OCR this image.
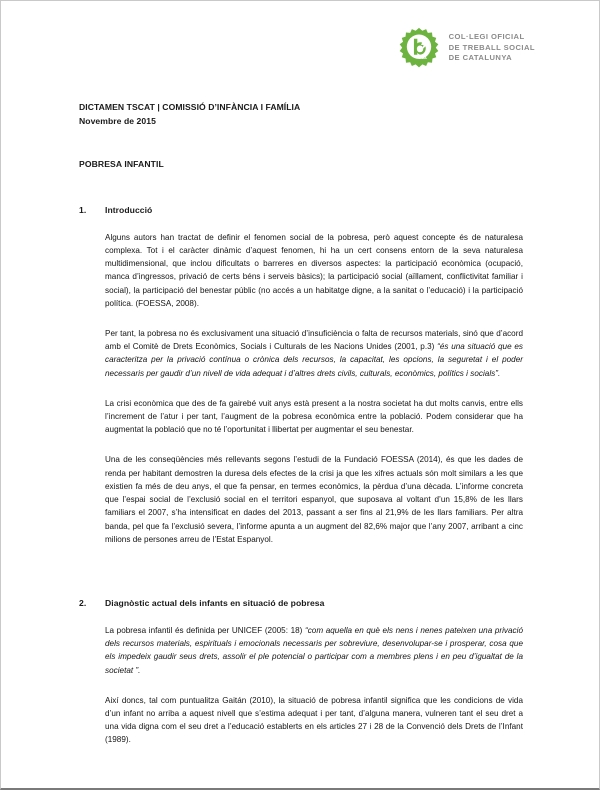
cat
COL·LEGI OFICIAL
DE TREBALL SOCIAL
DE CATALUNYA
DICTAMEN TSCAT | COMISSIÓ D’INFÀNCIA I FAMÍLIA
Novembre de 2015
POBRESA INFANTIL
1.	Introducció

Alguns autors han tractat de definir el fenomen social de la pobresa, però aquest concepte és de naturalesa complexa. Tot i el caràcter dinàmic d’aquest fenomen, hi ha un cert consens entorn de la seva naturalesa multidimensional, que inclou dificultats o barreres en diversos aspectes: la participació econòmica (ocupació, manca d’ingressos, privació de certs béns i serveis bàsics); la participació social (aïllament, conflictivitat familiar i social), la participació del benestar públic (no accés a un habitatge digne, a la sanitat o l’educació) i la participació política. (FOESSA, 2008).

Per tant, la pobresa no és exclusivament una situació d’insuficiència o falta de recursos materials, sinó que d’acord amb el Comitè de Drets Econòmics, Socials i Culturals de les Nacions Unides (2001, p.3) “és una situació que es caracteritza per la privació contínua o crònica dels recursos, la capacitat, les opcions, la seguretat i el poder necessaris per gaudir d’un nivell de vida adequat i d’altres drets civils, culturals, econòmics, polítics i socials”.

La crisi econòmica que des de fa gairebé vuit anys està present a la nostra societat ha dut molts canvis, entre ells l’increment de l’atur i per tant, l’augment de la pobresa econòmica entre la població. Podem considerar que ha augmentat la població que no té l’oportunitat i llibertat per augmentar el seu benestar.

Una de les conseqüències més rellevants segons l’estudi de la Fundació FOESSA (2014), és que les dades de renda per habitant demostren la duresa dels efectes de la crisi ja que les xifres actuals són molt similars a les que existien fa més de deu anys, el que fa pensar, en termes econòmics, la pèrdua d’una dècada. L’informe concreta que l’espai social de l’exclusió social en el territori espanyol, que suposava al voltant d’un 15,8% de les llars familiars el 2007, s’ha intensificat en dades del 2013, passant a ser fins al 21,9% de les llars familiars. Per altra banda, pel que fa l’exclusió severa, l’informe apunta a un augment del 82,6% major que l’any 2007, arribant a cinc milions de persones arreu de l’Estat Espanyol.

2.	Diagnòstic actual dels infants en situació de pobresa

La pobresa infantil és definida per UNICEF (2005: 18) “com aquella en què els nens i nenes pateixen una privació dels recursos materials, espirituals i emocionals necessaris per sobreviure, desenvolupar-se i prosperar, cosa que els impedeix gaudir seus drets, assolir el ple potencial o participar com a membres plens i en peu d’igualtat de la societat ”.

Així doncs, tal com puntualitza Gaitán (2010), la situació de pobresa infantil significa que les condicions de vida d’un infant no arriba a aquest nivell que s’estima adequat i per tant, d’alguna manera, vulneren tant el seu dret a una vida digna com el seu dret a l’educació establerts en els articles 27 i 28 de la Convenció dels Drets de l’Infant (1989).
